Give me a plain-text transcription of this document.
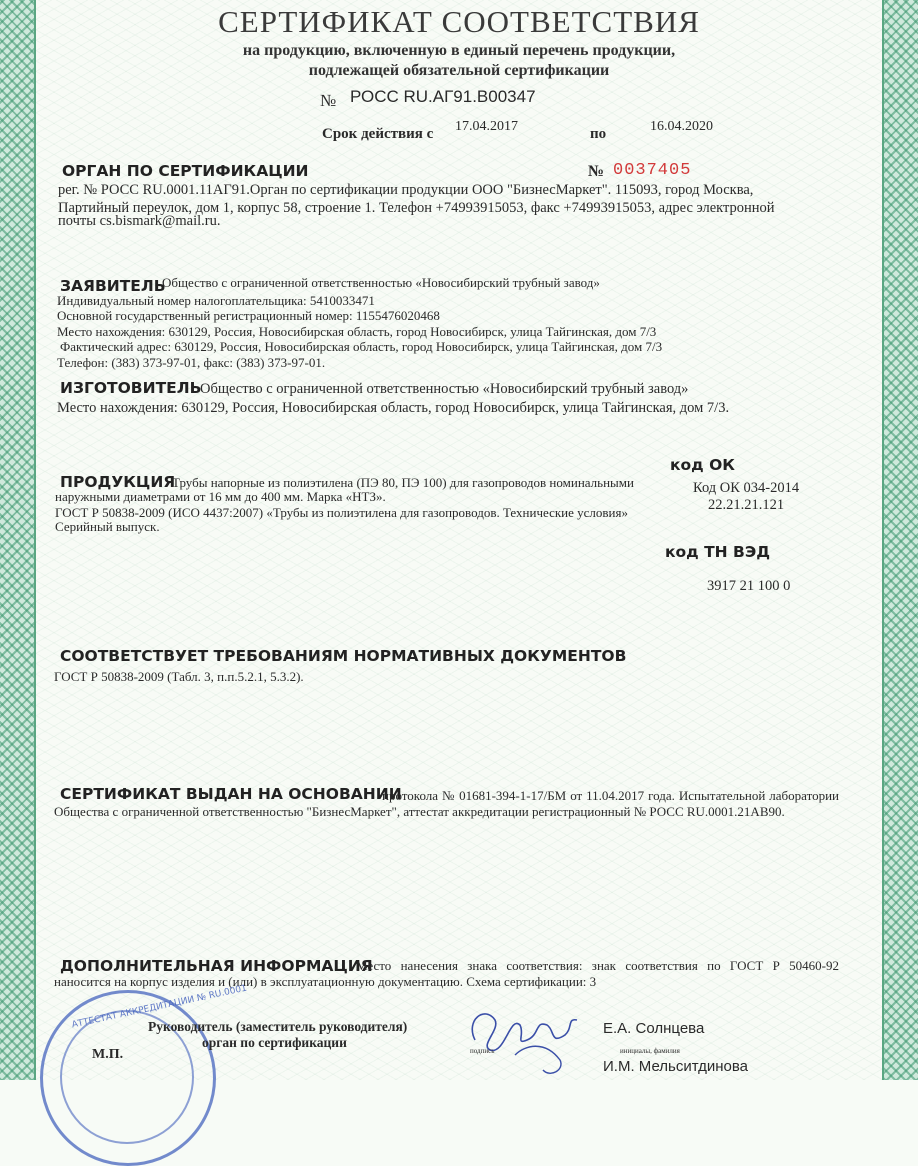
СЕРТИФИКАТ СООТВЕТСТВИЯ
на продукцию, включенную в единый перечень продукции,
подлежащей обязательной сертификации
№ РОСС RU.АГ91.В00347
Срок действия с 17.04.2017	по	16.04.2020
ОРГАН ПО СЕРТИФИКАЦИИ	№ 0037405
рег. № РОСС RU.0001.11АГ91.Орган по сертификации продукции ООО "БизнесМаркет". 115093, город Москва,
Партийный переулок, дом 1, корпус 58, строение 1. Телефон +74993915053, факс +74993915053, адрес электронной
почты cs.bismark@mail.ru.
ЗАЯВИТЕЛЬ
Общество с ограниченной ответственностью «Новосибирский трубный завод»
Индивидуальный номер налогоплательщика: 5410033471
Основной государственный регистрационный номер: 1155476020468
Место нахождения: 630129, Россия, Новосибирская область, город Новосибирск, улица Тайгинская, дом 7/3
Фактический адрес: 630129, Россия, Новосибирская область, город Новосибирск, улица Тайгинская, дом 7/3
Телефон: (383) 373-97-01, факс: (383) 373-97-01.
ИЗГОТОВИТЕЛЬ
Общество с ограниченной ответственностью «Новосибирский трубный завод»
Место нахождения: 630129, Россия, Новосибирская область, город Новосибирск, улица Тайгинская, дом 7/3.
ПРОДУКЦИЯ
Трубы напорные из полиэтилена (ПЭ 80, ПЭ 100) для газопроводов номинальными
наружными диаметрами от 16 мм до 400 мм. Марка «НТЗ».
ГОСТ Р 50838-2009 (ИСО 4437:2007) «Трубы из полиэтилена для газопроводов. Технические условия»
Серийный выпуск.
код ОК
Код ОК 034-2014
22.21.21.121
код ТН ВЭД
3917 21 100 0
СООТВЕТСТВУЕТ ТРЕБОВАНИЯМ НОРМАТИВНЫХ ДОКУМЕНТОВ
ГОСТ Р 50838-2009 (Табл. 3, п.п.5.2.1, 5.3.2).
СЕРТИФИКАТ ВЫДАН НА ОСНОВАНИИ
протокола № 01681-394-1-17/БМ от 11.04.2017 года. Испытательной лаборатории Общества с ограниченной ответственностью "БизнесМаркет", аттестат аккредитации регистрационный № РОСС RU.0001.21АВ90.
ДОПОЛНИТЕЛЬНАЯ ИНФОРМАЦИЯ
Место нанесения знака соответствия: знак соответствия по ГОСТ Р 50460-92 наносится на корпус изделия и (или) в эксплуатационную документацию. Схема сертификации: 3
АТТЕСТАТ АККРЕДИТАЦИИ № RU.0001
Руководитель (заместитель руководителя)
орган по сертификации
М.П.	подпись	инициалы, фамилия
Е.А. Солнцева
И.М. Мельситдинова
